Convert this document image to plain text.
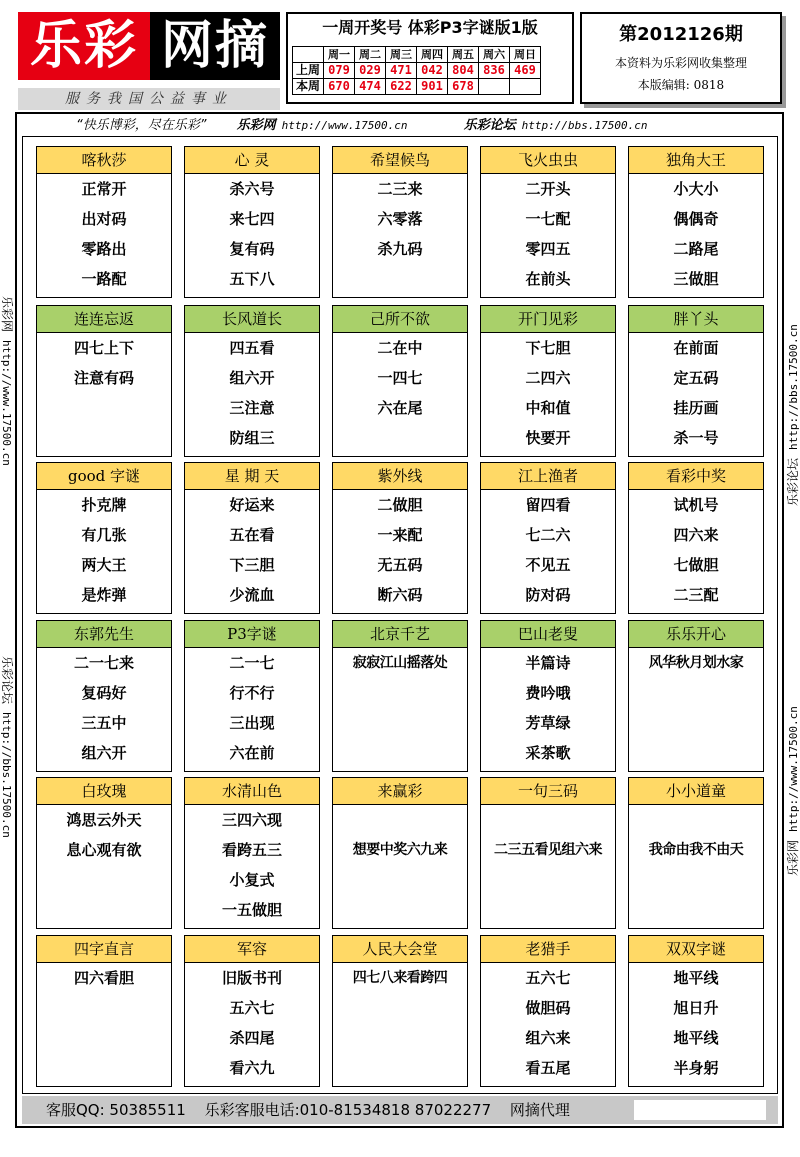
乐彩 网摘
服务我国公益事业
一周开奖号 体彩P3字谜版1版
	周一	周二	周三	周四	周五	周六	周日
上周	079	029	471	042	804	836	469
本周	670	474	622	901	678		
第2012126期
本资料为乐彩网收集整理
本版编辑: 0818
“快乐博彩，尽在乐彩” 乐彩网 http://www.17500.cn	乐彩论坛 http://bbs.17500.cn
乐彩网http://www.17500.cn
乐彩论坛http://bbs.17500.cn
乐彩论坛http://bbs.17500.cn
乐彩网http://www.17500.cn
喀秋莎
正常开
出对码
零路出
一路配
心 灵
杀六号
来七四
复有码
五下八
希望候鸟
二三来
六零落
杀九码
飞火虫虫
二开头
一七配
零四五
在前头
独角大王
小大小
偶偶奇
二路尾
三做胆
连连忘返
四七上下
注意有码
长风道长
四五看
组六开
三注意
防组三
己所不欲
二在中
一四七
六在尾
开门见彩
下七胆
二四六
中和值
快要开
胖丫头
在前面
定五码
挂历画
杀一号
good 字谜
扑克牌
有几张
两大王
是炸弹
星 期 天
好运来
五在看
下三胆
少流血
紫外线
二做胆
一来配
无五码
断六码
江上渔者
留四看
七二六
不见五
防对码
看彩中奖
试机号
四六来
七做胆
二三配
东郭先生
二一七来
复码好
三五中
组六开
P3字谜
二一七
行不行
三出现
六在前
北京千艺
寂寂江山摇落处
巴山老叟
半篇诗
费吟哦
芳草绿
采茶歌
乐乐开心
风华秋月划水家
白玫瑰
鸿思云外天
息心观有欲
水清山色
三四六现
看跨五三
小复式
一五做胆
来赢彩
想要中奖六九来
一句三码
二三五看见组六来
小小道童
我命由我不由天
四字直言
四六看胆
军容
旧版书刊
五六七
杀四尾
看六九
人民大会堂
四七八来看跨四
老猎手
五六七
做胆码
组六来
看五尾
双双字谜
地平线
旭日升
地平线
半身躬
客服QQ: 50385511 乐彩客服电话:010-81534818 87022277 网摘代理
